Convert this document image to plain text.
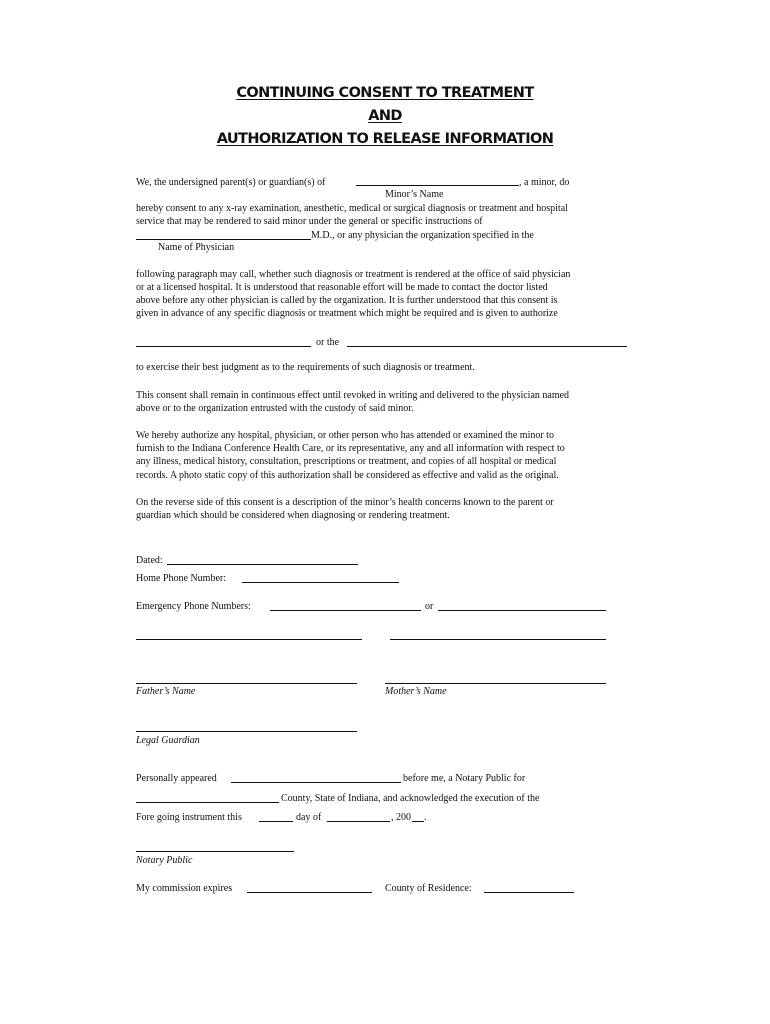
CONTINUING CONSENT TO TREATMENT
AND
AUTHORIZATION TO RELEASE INFORMATION
We, the undersigned parent(s) or guardian(s) of	, a minor, do
Minor’s Name
hereby consent to any x-ray examination, anesthetic, medical or surgical diagnosis or treatment and hospital
service that may be rendered to said minor under the general or specific instructions of
M.D., or any physician the organization specified in the
Name of Physician
following paragraph may call, whether such diagnosis or treatment is rendered at the office of said physician
or at a licensed hospital. It is understood that reasonable effort will be made to contact the doctor listed
above before any other physician is called by the organization. It is further understood that this consent is
given in advance of any specific diagnosis or treatment which might be required and is given to authorize
or the
to exercise their best judgment as to the requirements of such diagnosis or treatment.
This consent shall remain in continuous effect until revoked in writing and delivered to the physician named
above or to the organization entrusted with the custody of said minor.
We hereby authorize any hospital, physician, or other person who has attended or examined the minor to
furnish to the Indiana Conference Health Care, or its representative, any and all information with respect to
any illness, medical history, consultation, prescriptions or treatment, and copies of all hospital or medical
records. A photo static copy of this authorization shall be considered as effective and valid as the original.
On the reverse side of this consent is a description of the minor’s health concerns known to the parent or
guardian which should be considered when diagnosing or rendering treatment.
Dated:
Home Phone Number:
Emergency Phone Numbers:	or
Father’s Name	Mother’s Name
Legal Guardian
Personally appeared	before me, a Notary Public for
County, State of Indiana, and acknowledged the execution of the
Fore going instrument this	day of	, 200 .
Notary Public
My commission expires	County of Residence:
